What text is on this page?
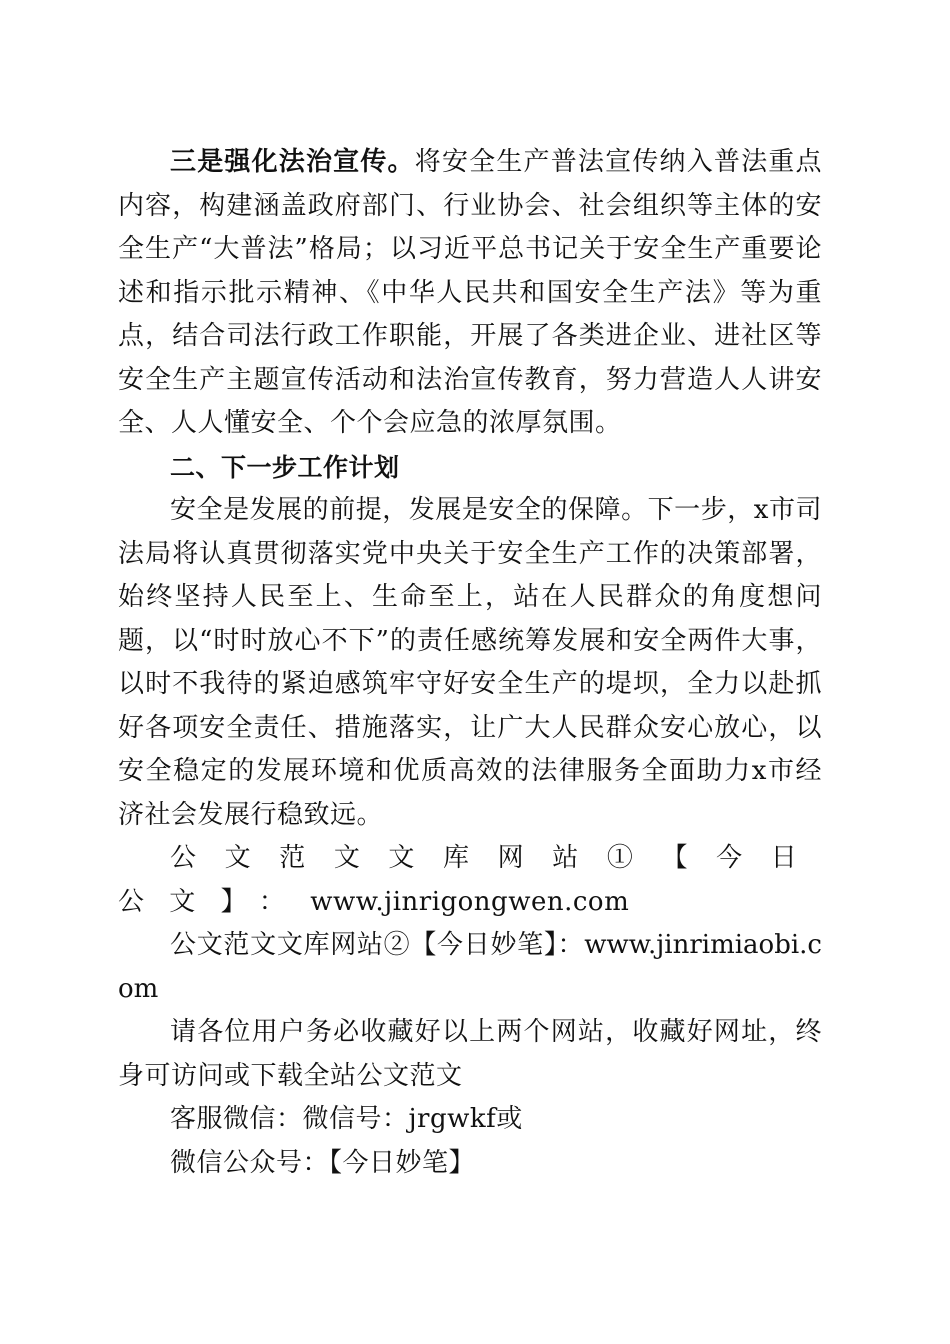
三是强化法治宣传。将安全生产普法宣传纳入普法重点内容，构建涵盖政府部门、行业协会、社会组织等主体的安全生产“大普法”格局；以习近平总书记关于安全生产重要论述和指示批示精神、《中华人民共和国安全生产法》等为重点，结合司法行政工作职能，开展了各类进企业、进社区等安全生产主题宣传活动和法治宣传教育，努力营造人人讲安全、人人懂安全、个个会应急的浓厚氛围。

二、下一步工作计划

安全是发展的前提，发展是安全的保障。下一步，x市司法局将认真贯彻落实党中央关于安全生产工作的决策部署，始终坚持人民至上、生命至上，站在人民群众的角度想问题，以“时时放心不下”的责任感统筹发展和安全两件大事，以时不我待的紧迫感筑牢守好安全生产的堤坝，全力以赴抓好各项安全责任、措施落实，让广大人民群众安心放心，以安全稳定的发展环境和优质高效的法律服务全面助力x市经济社会发展行稳致远。

公文范文文库网站①【今日公文】：www.jinrigongwen.com

公文范文文库网站②【今日妙笔】：www.jinrimiaobi.com

请各位用户务必收藏好以上两个网站，收藏好网址，终身可访问或下载全站公文范文

客服微信：微信号：jrgwkf或

微信公众号：【今日妙笔】
